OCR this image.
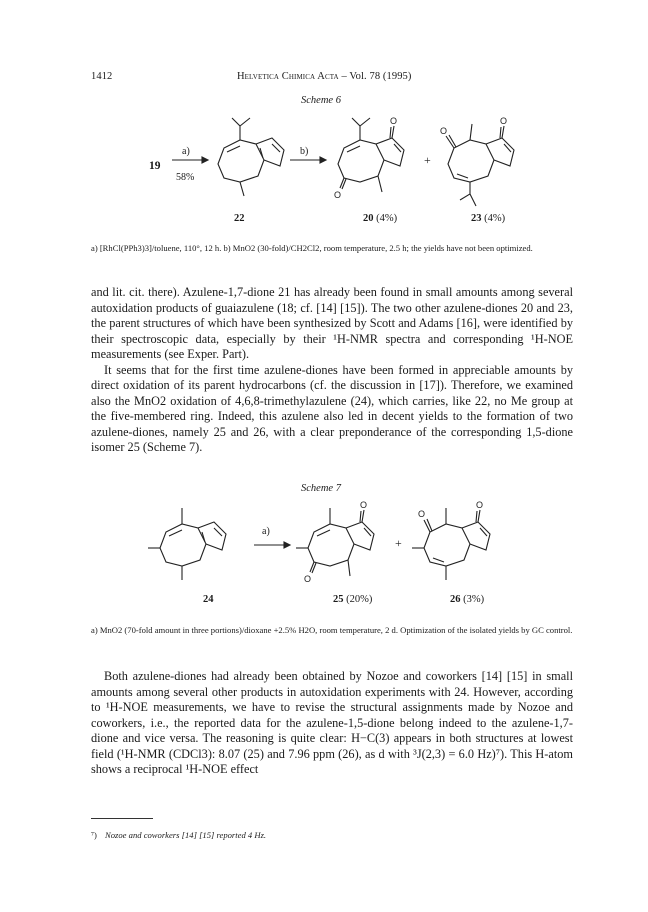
1412	Helvetica Chimica Acta – Vol. 78 (1995)
Scheme 6
19
a)
58%
b)
O
O
+
O
O
22	20 (4%)	23 (4%)
a) [RhCl(PPh3)3]/toluene, 110°, 12 h. b) MnO2 (30-fold)/CH2Cl2, room temperature, 2.5 h; the yields have not been optimized.

and lit. cit. there). Azulene-1,7-dione 21 has already been found in small amounts among several autoxidation products of guaiazulene (18; cf. [14] [15]). The two other azulene-diones 20 and 23, the parent structures of which have been synthesized by Scott and Adams [16], were identified by their spectroscopic data, especially by their ¹H-NMR spectra and corresponding ¹H-NOE measurements (see Exper. Part).

It seems that for the first time azulene-diones have been formed in appreciable amounts by direct oxidation of its parent hydrocarbons (cf. the discussion in [17]). Therefore, we examined also the MnO2 oxidation of 4,6,8-trimethylazulene (24), which carries, like 22, no Me group at the five-membered ring. Indeed, this azulene also led in decent yields to the formation of two azulene-diones, namely 25 and 26, with a clear preponderance of the corresponding 1,5-dione isomer 25 (Scheme 7).

Scheme 7
a)
O
O
+
O
O
24	25 (20%)	26 (3%)
a) MnO2 (70-fold amount in three portions)/dioxane +2.5% H2O, room temperature, 2 d. Optimization of the isolated yields by GC control.

Both azulene-diones had already been obtained by Nozoe and coworkers [14] [15] in small amounts among several other products in autoxidation experiments with 24. However, according to ¹H-NOE measurements, we have to revise the structural assignments made by Nozoe and coworkers, i.e., the reported data for the azulene-1,5-dione belong indeed to the azulene-1,7-dione and vice versa. The reasoning is quite clear: H−C(3) appears in both structures at lowest field (¹H-NMR (CDCl3): 8.07 (25) and 7.96 ppm (26), as d with ³J(2,3) = 6.0 Hz)⁷). This H-atom shows a reciprocal ¹H-NOE effect

⁷) Nozoe and coworkers [14] [15] reported 4 Hz.
